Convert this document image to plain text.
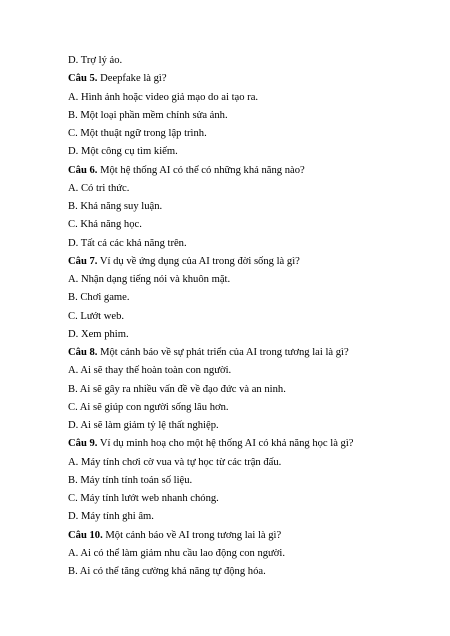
D. Trợ lý ảo.
Câu 5. Deepfake là gì?
A. Hình ảnh hoặc video giả mạo do ai tạo ra.
B. Một loại phần mềm chỉnh sửa ảnh.
C. Một thuật ngữ trong lập trình.
D. Một công cụ tìm kiếm.
Câu 6. Một hệ thống AI có thể có những khả năng nào?
A. Có tri thức.
B. Khả năng suy luận.
C. Khả năng học.
D. Tất cả các khả năng trên.
Câu 7. Ví dụ về ứng dụng của AI trong đời sống là gì?
A. Nhận dạng tiếng nói và khuôn mặt.
B. Chơi game.
C. Lướt web.
D. Xem phim.
Câu 8. Một cảnh báo về sự phát triển của AI trong tương lai là gì?
A. Ai sẽ thay thế hoàn toàn con người.
B. Ai sẽ gây ra nhiều vấn đề về đạo đức và an ninh.
C. Ai sẽ giúp con người sống lâu hơn.
D. Ai sẽ làm giảm tỷ lệ thất nghiệp.
Câu 9. Ví dụ minh hoạ cho một hệ thống AI có khả năng học là gì?
A. Máy tính chơi cờ vua và tự học từ các trận đấu.
B. Máy tính tính toán số liệu.
C. Máy tính lướt web nhanh chóng.
D. Máy tính ghi âm.
Câu 10. Một cảnh báo về AI trong tương lai là gì?
A. Ai có thể làm giảm nhu cầu lao động con người.
B. Ai có thể tăng cường khả năng tự động hóa.
